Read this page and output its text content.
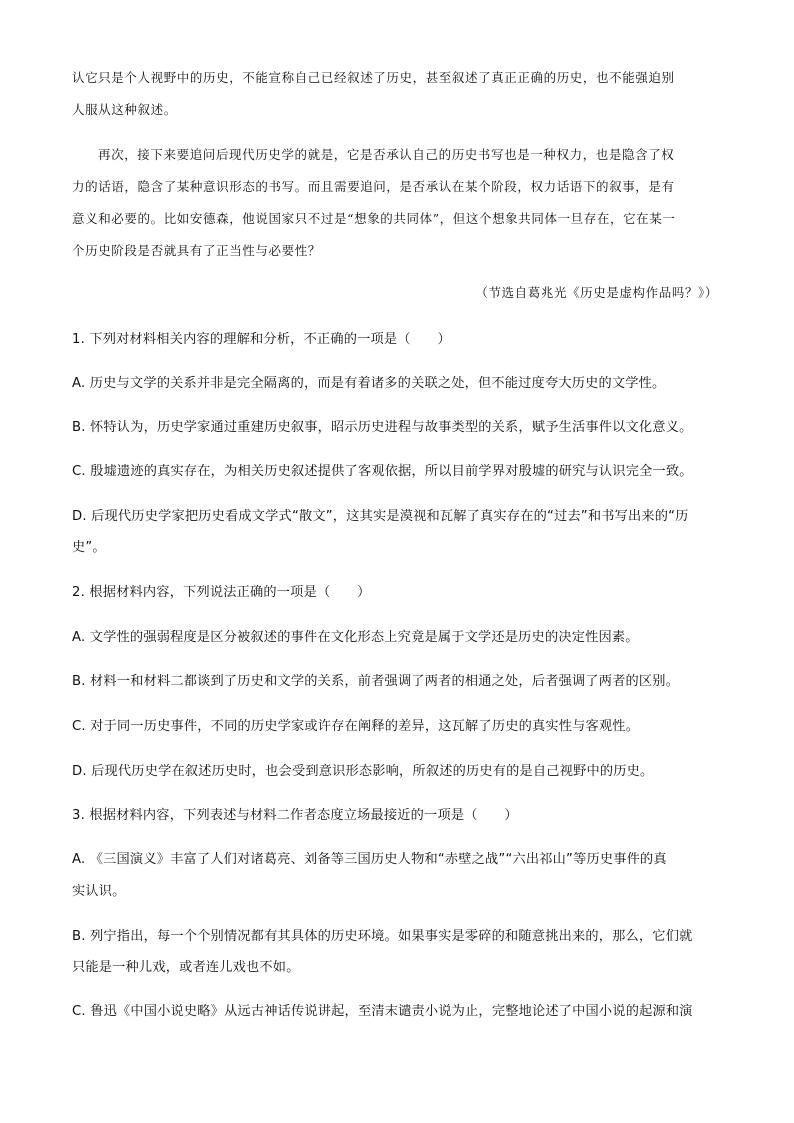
认它只是个人视野中的历史，不能宣称自己已经叙述了历史，甚至叙述了真正正确的历史，也不能强迫别
人服从这种叙述。
再次，接下来要追问后现代历史学的就是，它是否承认自己的历史书写也是一种权力，也是隐含了权
力的话语，隐含了某种意识形态的书写。而且需要追问，是否承认在某个阶段，权力话语下的叙事，是有
意义和必要的。比如安德森，他说国家只不过是“想象的共同体”，但这个想象共同体一旦存在，它在某一
个历史阶段是否就具有了正当性与必要性？
（节选自葛兆光《历史是虚构作品吗？》）
1. 下列对材料相关内容的理解和分析，不正确的一项是（　　）
A. 历史与文学的关系并非是完全隔离的，而是有着诸多的关联之处，但不能过度夸大历史的文学性。
B. 怀特认为，历史学家通过重建历史叙事，昭示历史进程与故事类型的关系，赋予生活事件以文化意义。
C. 殷墟遗迹的真实存在，为相关历史叙述提供了客观依据，所以目前学界对殷墟的研究与认识完全一致。
D. 后现代历史学家把历史看成文学式“散文”，这其实是漠视和瓦解了真实存在的“过去”和书写出来的“历
史”。
2. 根据材料内容，下列说法正确的一项是（　　）
A. 文学性的强弱程度是区分被叙述的事件在文化形态上究竟是属于文学还是历史的决定性因素。
B. 材料一和材料二都谈到了历史和文学的关系，前者强调了两者的相通之处，后者强调了两者的区别。
C. 对于同一历史事件，不同的历史学家或许存在阐释的差异，这瓦解了历史的真实性与客观性。
D. 后现代历史学在叙述历史时，也会受到意识形态影响，所叙述的历史有的是自己视野中的历史。
3. 根据材料内容，下列表述与材料二作者态度立场最接近的一项是（　　）
A. 《三国演义》丰富了人们对诸葛亮、刘备等三国历史人物和“赤壁之战”“六出祁山”等历史事件的真
实认识。
B. 列宁指出，每一个个别情况都有其具体的历史环境。如果事实是零碎的和随意挑出来的，那么，它们就
只能是一种儿戏，或者连儿戏也不如。
C. 鲁迅《中国小说史略》从远古神话传说讲起，至清末谴责小说为止，完整地论述了中国小说的起源和演
